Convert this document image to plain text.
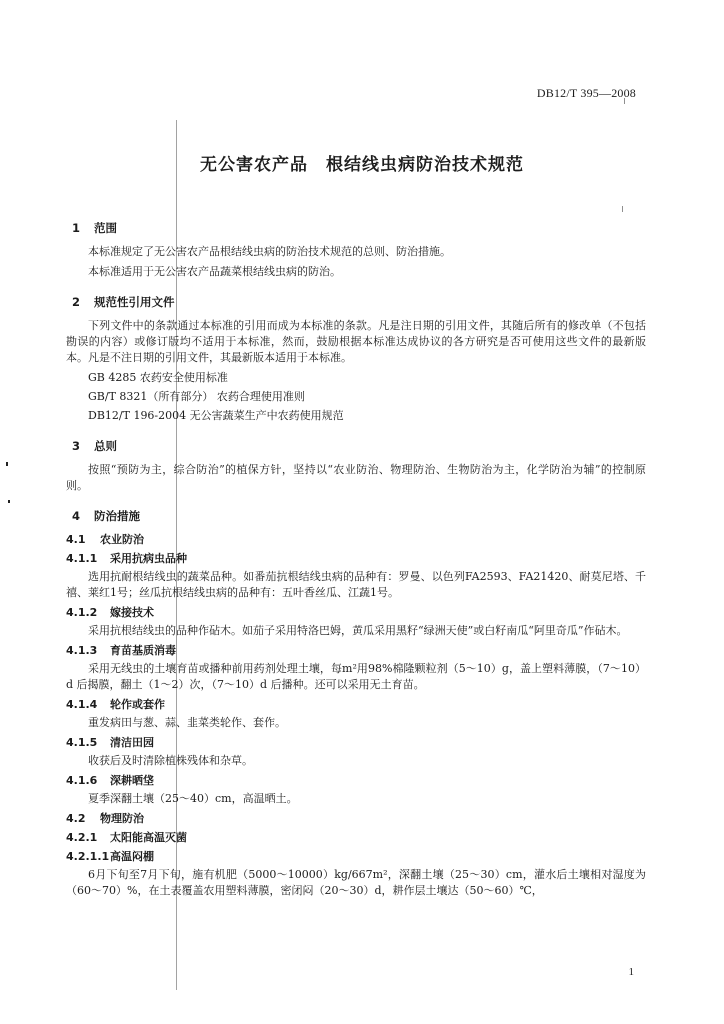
DB12/T 395—2008
无公害农产品 根结线虫病防治技术规范
1 范围
本标准规定了无公害农产品根结线虫病的防治技术规范的总则、防治措施。
本标准适用于无公害农产品蔬菜根结线虫病的防治。
2 规范性引用文件
下列文件中的条款通过本标准的引用而成为本标准的条款。凡是注日期的引用文件，其随后所有的修改单（不包括勘误的内容）或修订版均不适用于本标准，然而，鼓励根据本标准达成协议的各方研究是否可使用这些文件的最新版本。凡是不注日期的引用文件，其最新版本适用于本标准。
GB 4285 农药安全使用标准
GB/T 8321（所有部分） 农药合理使用准则
DB12/T 196-2004 无公害蔬菜生产中农药使用规范
3 总则
按照“预防为主，综合防治”的植保方针，坚持以“农业防治、物理防治、生物防治为主，化学防治为辅”的控制原则。
4 防治措施
4.1 农业防治
4.1.1 采用抗病虫品种
选用抗耐根结线虫的蔬菜品种。如番茄抗根结线虫病的品种有：罗曼、以色列FA2593、FA21420、耐莫尼塔、千禧、莱红1号；丝瓜抗根结线虫病的品种有：五叶香丝瓜、江蔬1号。
4.1.2 嫁接技术
采用抗根结线虫的品种作砧木。如茄子采用特洛巴姆，黄瓜采用黑籽“绿洲天使”或白籽南瓜“阿里奇瓜”作砧木。
4.1.3 育苗基质消毒
采用无线虫的土壤育苗或播种前用药剂处理土壤，每m²用98%棉隆颗粒剂（5～10）g，盖上塑料薄膜，（7～10）d 后揭膜，翻土（1～2）次，（7～10）d 后播种。还可以采用无土育苗。
4.1.4 轮作或套作
重发病田与葱、蒜、韭菜类轮作、套作。
4.1.5 清洁田园
收获后及时清除植株残体和杂草。
4.1.6 深耕晒垡
夏季深翻土壤（25～40）cm，高温晒土。
4.2 物理防治
4.2.1 太阳能高温灭菌
4.2.1.1高温闷棚
6月下旬至7月下旬，施有机肥（5000～10000）kg/667m²，深翻土壤（25～30）cm，灌水后土壤相对湿度为（60～70）%，在土表覆盖农用塑料薄膜，密闭闷（20～30）d，耕作层土壤达（50～60）℃，
1
